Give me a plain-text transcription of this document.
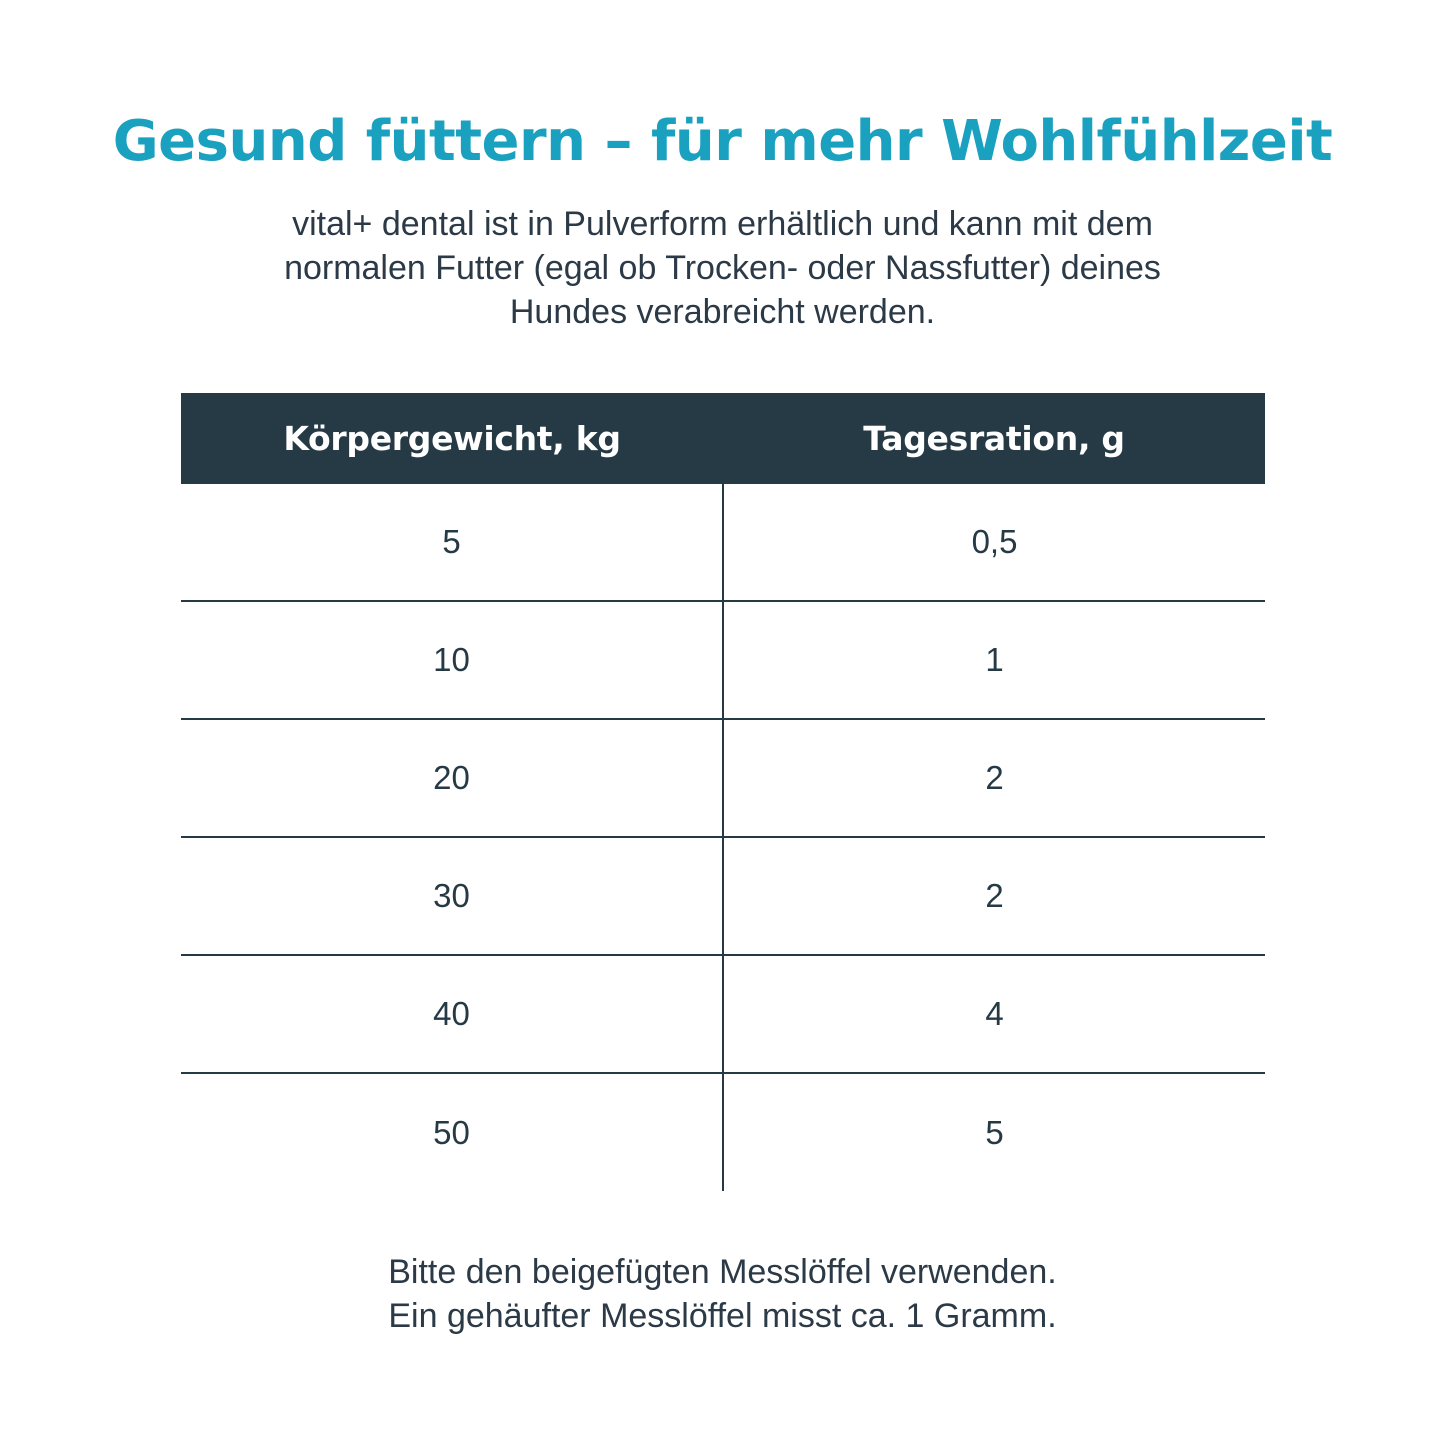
Gesund füttern – für mehr Wohlfühlzeit

vital+ dental ist in Pulverform erhältlich und kann mit dem
normalen Futter (egal ob Trocken- oder Nassfutter) deines
Hundes verabreicht werden.

Körpergewicht, kg	Tagesration, g
5	0,5
10	1
20	2
30	2
40	4
50	5

Bitte den beigefügten Messlöffel verwenden.
Ein gehäufter Messlöffel misst ca. 1 Gramm.
